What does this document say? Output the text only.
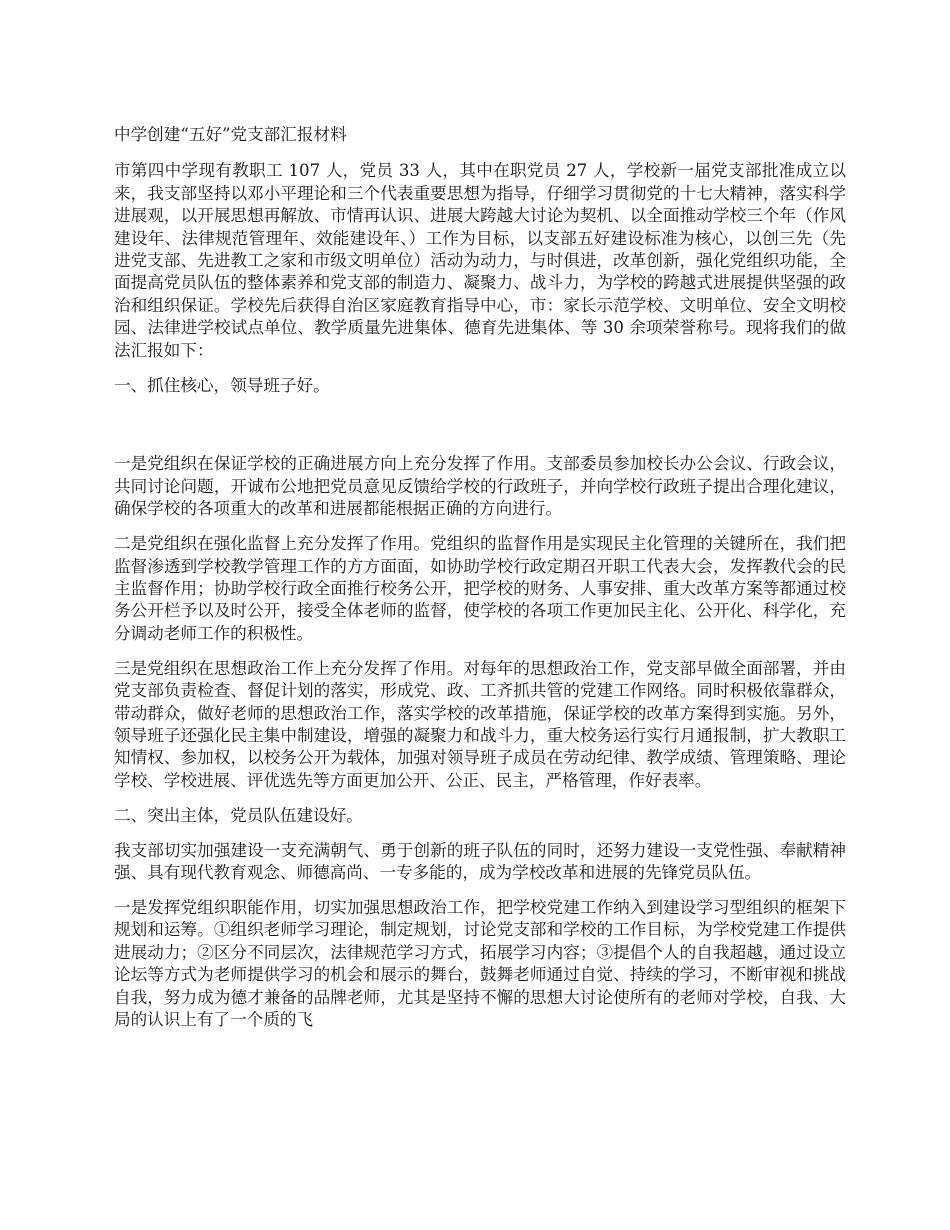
中学创建“五好”党支部汇报材料

市第四中学现有教职工 107 人，党员 33 人，其中在职党员 27 人，学校新一届党支部批准成立以来，我支部坚持以邓小平理论和三个代表重要思想为指导，仔细学习贯彻党的十七大精神，落实科学进展观，以开展思想再解放、市情再认识、进展大跨越大讨论为契机、以全面推动学校三个年（作风建设年、法律规范管理年、效能建设年、）工作为目标，以支部五好建设标准为核心，以创三先（先进党支部、先进教工之家和市级文明单位）活动为动力，与时俱进，改革创新，强化党组织功能，全面提高党员队伍的整体素养和党支部的制造力、凝聚力、战斗力，为学校的跨越式进展提供坚强的政治和组织保证。学校先后获得自治区家庭教育指导中心，市：家长示范学校、文明单位、安全文明校园、法律进学校试点单位、教学质量先进集体、德育先进集体、等 30 余项荣誉称号。现将我们的做法汇报如下：

一、抓住核心，领导班子好。

一是党组织在保证学校的正确进展方向上充分发挥了作用。支部委员参加校长办公会议、行政会议，共同讨论问题，开诚布公地把党员意见反馈给学校的行政班子，并向学校行政班子提出合理化建议，确保学校的各项重大的改革和进展都能根据正确的方向进行。

二是党组织在强化监督上充分发挥了作用。党组织的监督作用是实现民主化管理的关键所在，我们把监督渗透到学校教学管理工作的方方面面，如协助学校行政定期召开职工代表大会，发挥教代会的民主监督作用；协助学校行政全面推行校务公开，把学校的财务、人事安排、重大改革方案等都通过校务公开栏予以及时公开，接受全体老师的监督，使学校的各项工作更加民主化、公开化、科学化，充分调动老师工作的积极性。

三是党组织在思想政治工作上充分发挥了作用。对每年的思想政治工作，党支部早做全面部署，并由党支部负责检查、督促计划的落实，形成党、政、工齐抓共管的党建工作网络。同时积极依靠群众，带动群众，做好老师的思想政治工作，落实学校的改革措施，保证学校的改革方案得到实施。另外，领导班子还强化民主集中制建设，增强的凝聚力和战斗力，重大校务运行实行月通报制，扩大教职工知情权、参加权，以校务公开为载体，加强对领导班子成员在劳动纪律、教学成绩、管理策略、理论学校、学校进展、评优选先等方面更加公开、公正、民主，严格管理，作好表率。

二、突出主体，党员队伍建设好。

我支部切实加强建设一支充满朝气、勇于创新的班子队伍的同时，还努力建设一支党性强、奉献精神强、具有现代教育观念、师德高尚、一专多能的，成为学校改革和进展的先锋党员队伍。

一是发挥党组织职能作用，切实加强思想政治工作，把学校党建工作纳入到建设学习型组织的框架下规划和运筹。①组织老师学习理论，制定规划，讨论党支部和学校的工作目标，为学校党建工作提供进展动力；②区分不同层次，法律规范学习方式，拓展学习内容；③提倡个人的自我超越，通过设立论坛等方式为老师提供学习的机会和展示的舞台，鼓舞老师通过自觉、持续的学习，不断审视和挑战自我，努力成为德才兼备的品牌老师，尤其是坚持不懈的思想大讨论使所有的老师对学校，自我、大局的认识上有了一个质的飞
